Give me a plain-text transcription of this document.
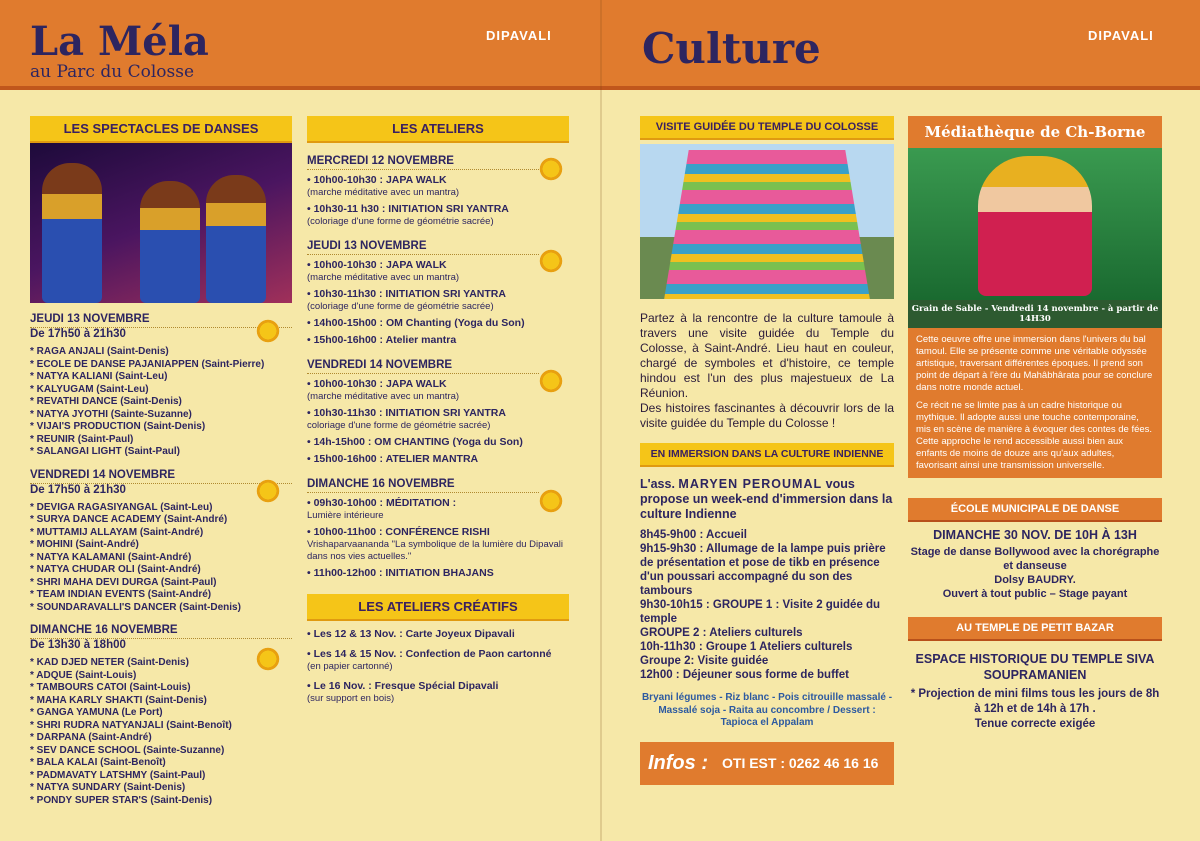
La Méla
au Parc du Colosse
DIPAVALI Culture	DIPAVALI
LES SPECTACLES DE DANSES
JEUDI 13 NOVEMBRE
De 17h50 à 21h30
* RAGA ANJALI (Saint-Denis)
* ECOLE DE DANSE PAJANIAPPEN (Saint-Pierre)
* NATYA KALIANI (Saint-Leu)
* KALYUGAM (Saint-Leu)
* REVATHI DANCE (Saint-Denis)
* NATYA JYOTHI (Sainte-Suzanne)
* VIJAI'S PRODUCTION (Saint-Denis)
* REUNIR (Saint-Paul)
* SALANGAI LIGHT (Saint-Paul)
VENDREDI 14 NOVEMBRE
De 17h50 à 21h30
* DEVIGA RAGASIYANGAL (Saint-Leu)
* SURYA DANCE ACADEMY (Saint-André)
* MUTTAMIJ ALLAYAM (Saint-André)
* MOHINI (Saint-André)
* NATYA KALAMANI (Saint-André)
* NATYA CHUDAR OLI (Saint-André)
* SHRI MAHA DEVI DURGA (Saint-Paul)
* TEAM INDIAN EVENTS (Saint-André)
* SOUNDARAVALLI'S DANCER (Saint-Denis)
DIMANCHE 16 NOVEMBRE
De 13h30 à 18h00
* KAD DJED NETER (Saint-Denis)
* ADQUE (Saint-Louis)
* TAMBOURS CATOI (Saint-Louis)
* MAHA KARLY SHAKTI (Saint-Denis)
* GANGA YAMUNA (Le Port)
* SHRI RUDRA NATYANJALI (Saint-Benoît)
* DARPANA (Saint-André)
* SEV DANCE SCHOOL (Sainte-Suzanne)
* BALA KALAI (Saint-Benoît)
* PADMAVATY LATSHMY (Saint-Paul)
* NATYA SUNDARY (Saint-Denis)
* PONDY SUPER STAR'S (Saint-Denis)
LES ATELIERS
MERCREDI 12 NOVEMBRE
• 10h00-10h30 : JAPA WALK
(marche méditative avec un mantra)
• 10h30-11 h30 : INITIATION SRI YANTRA
(coloriage d'une forme de géométrie sacrée)
JEUDI 13 NOVEMBRE
• 10h00-10h30 : JAPA WALK
(marche méditative avec un mantra)
• 10h30-11h30 : INITIATION SRI YANTRA
(coloriage d'une forme de géométrie sacrée)
• 14h00-15h00 : OM Chanting (Yoga du Son)
• 15h00-16h00 : Atelier mantra
VENDREDI 14 NOVEMBRE
• 10h00-10h30 : JAPA WALK
(marche méditative avec un mantra)
• 10h30-11h30 : INITIATION SRI YANTRA
coloriage d'une forme de géométrie sacrée)
• 14h-15h00 : OM CHANTING (Yoga du Son)
• 15h00-16h00 : ATELIER MANTRA
DIMANCHE 16 NOVEMBRE
• 09h30-10h00 : MÉDITATION :
Lumière intérieure
• 10h00-11h00 : CONFÉRENCE RISHI
Vrishaparvaananda "La symbolique de la lumière du Dipavali dans nos vies actuelles."
• 11h00-12h00 : INITIATION BHAJANS
LES ATELIERS CRÉATIFS
• Les 12 & 13 Nov. : Carte Joyeux Dipavali
• Les 14 & 15 Nov. : Confection de Paon cartonné
(en papier cartonné)
• Le 16 Nov. : Fresque Spécial Dipavali
(sur support en bois)
VISITE GUIDÉE DU TEMPLE DU COLOSSE
Partez à la rencontre de la culture tamoule à travers une visite guidée du Temple du Colosse, à Saint-André. Lieu haut en couleur, chargé de symboles et d'histoire, ce temple hindou est l'un des plus majestueux de La Réunion.
Des histoires fascinantes à découvrir lors de la visite guidée du Temple du Colosse !
EN IMMERSION DANS LA CULTURE INDIENNE
L'ass. MARYEN PEROUMAL vous propose un week-end d'immersion dans la culture Indienne
8h45-9h00 : Accueil
9h15-9h30 : Allumage de la lampe puis prière de présentation et pose de tikb en présence d'un poussari accompagné du son des tambours
9h30-10h15 : GROUPE 1 : Visite 2 guidée du temple
GROUPE 2 : Ateliers culturels
10h-11h30 : Groupe 1 Ateliers culturels
Groupe 2: Visite guidée
12h00 : Déjeuner sous forme de buffet
Bryani légumes - Riz blanc - Pois citrouille massalé - Massalé soja - Raita au concombre / Dessert : Tapioca el Appalam
Infos : OTI EST : 0262 46 16 16
Médiathèque de Ch-Borne
Grain de Sable - Vendredi 14 novembre - à partir de 14H30
Cette oeuvre offre une immersion dans l'univers du bal tamoul. Elle se présente comme une véritable odyssée artistique, traversant différentes époques. Il prend son point de départ à l'ère du Mahâbhârata pour se conclure dans notre monde actuel.
Ce récit ne se limite pas à un cadre historique ou mythique. Il adopte aussi une touche contemporaine, mis en scène de manière à évoquer des contes de fées. Cette approche le rend accessible aussi bien aux enfants de moins de douze ans qu'aux adultes, favorisant ainsi une transmission universelle.
ÉCOLE MUNICIPALE DE DANSE
DIMANCHE 30 NOV. DE 10H À 13H
Stage de danse Bollywood avec la chorégraphe et danseuse
Dolsy BAUDRY.
Ouvert à tout public – Stage payant
AU TEMPLE DE PETIT BAZAR
ESPACE HISTORIQUE DU TEMPLE SIVA SOUPRAMANIEN
* Projection de mini films tous les jours de 8h à 12h et de 14h à 17h .
Tenue correcte exigée
